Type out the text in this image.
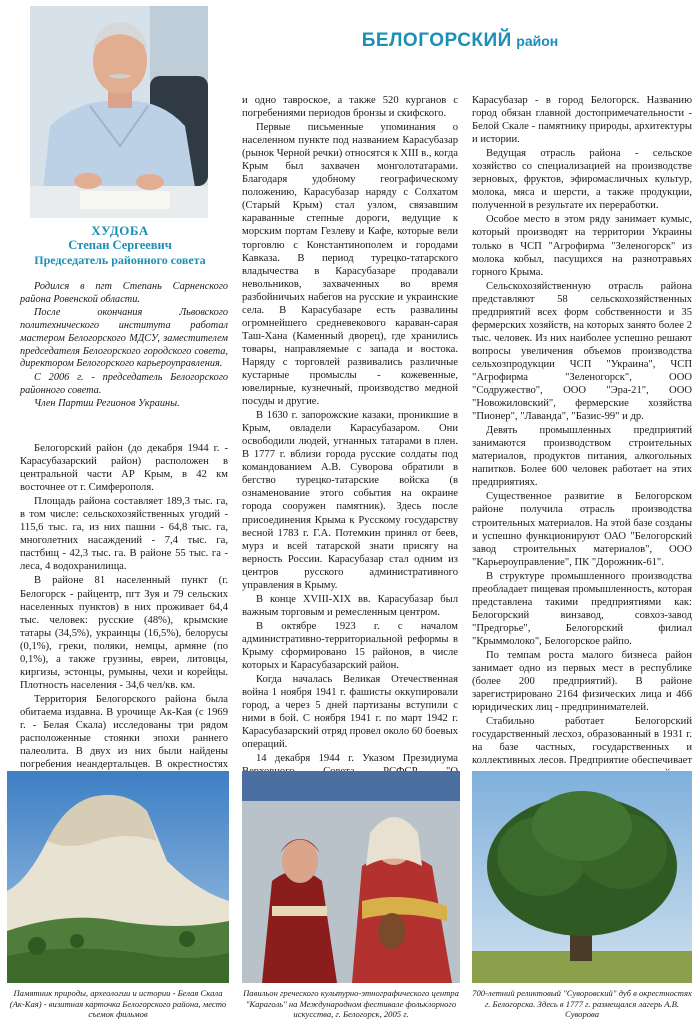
ХУДОБА
Степан Сергеевич
Председатель районного совета

Родился в пгт Степань Сарненского района Ровенской области.

После окончания Львовского политехнического института работал мастером Белогорского МДСУ, заместителем председателя Белогорского городского совета, директором Белогорского карьероуправления.

С 2006 г. - председатель Белогорского районного совета.

Член Партии Регионов Украины.

БЕЛОГОРСКИЙ район

Белогорский район (до декабря 1944 г. - Карасубазарский район) расположен в центральной части АР Крым, в 42 км восточнее от г. Симферополя.

Площадь района составляет 189,3 тыс. га, в том числе: сельскохозяйственных угодий - 115,6 тыс. га, из них пашни - 64,8 тыс. га, многолетних насаждений - 7,4 тыс. га, пастбищ - 42,3 тыс. га. В районе 55 тыс. га - леса, 4 водохранилища.

В районе 81 населенный пункт (г. Белогорск - райцентр, пгт Зуя и 79 сельских населенных пунктов) в них проживает 64,4 тыс. человек: русские (48%), крымские татары (34,5%), украинцы (16,5%), белорусы (0,1%), греки, поляки, немцы, армяне (по 0,1%), а также грузины, евреи, литовцы, киргизы, эстонцы, румыны, чехи и корейцы. Плотность населения - 34,6 чел/кв. км.

Территория Белогорского района была обитаема издавна. В урочище Ак-Кая (с 1969 г. - Белая Скала) исследованы три рядом расположенные стоянки эпохи раннего палеолита. В двух из них были найдены погребения неандертальцев. В окрестностях

и одно тавроское, а также 520 курганов с погребениями периодов бронзы и скифского.

Первые письменные упоминания о населенном пункте под названием Карасубазар (рынок Черной речки) относятся к XIII в., когда Крым был захвачен монголотатарами. Благодаря удобному географическому положению, Карасубазар наряду с Солхатом (Старый Крым) стал узлом, связавшим караванные степные дороги, ведущие к морским портам Гезлеву и Кафе, которые вели торговлю с Константинополем и городами Кавказа. В период турецко-татарского владычества в Карасубазаре продавали невольников, захваченных во время разбойничьих набегов на русские и украинские села. В Карасубазаре есть развалины огромнейшего средневекового караван-сарая Таш-Хана (Каменный дворец), где хранились товары, направляемые с запада и востока. Наряду с торговлей развивались различные кустарные промыслы - кожевенные, ювелирные, кузнечный, производство медной посуды и другие.

В 1630 г. запорожские казаки, проникшие в Крым, овладели Карасубазаром. Они освободили людей, угнанных татарами в плен. В 1777 г. вблизи города русские солдаты под командованием А.В. Суворова обратили в бегство турецко-татарские войска (в ознаменование этого события на окраине города сооружен памятник). Здесь после присоединения Крыма к Русскому государству весной 1783 г. Г.А. Потемкин принял от беев, мурз и всей татарской знати присягу на верность России. Карасубазар стал одним из центров русского административного управления в Крыму.

В конце XVIII-XIX вв. Карасубазар был важным торговым и ремесленным центром.

В октябре 1923 г. с началом административно-территориальной реформы в Крыму сформировано 15 районов, в числе которых и Карасубазарский район.

Когда началась Великая Отечественная война 1 ноября 1941 г. фашисты оккупировали город, а через 5 дней партизаны вступили с ними в бой. С ноября 1941 г. по март 1942 г. Карасубазарский отряд провел около 60 боевых операций.

14 декабря 1944 г. Указом Президиума

Карасубазар - в город Белогорск. Названию город обязан главной достопримечательности - Белой Скале - памятнику природы, архитектуры и истории.

Ведущая отрасль района - сельское хозяйство со специализацией на производстве зерновых, фруктов, эфиромасличных культур, молока, мяса и шерсти, а также продукции, полученной в результате их переработки.

Особое место в этом ряду занимает кумыс, который производят на территории Украины только в ЧСП "Агрофирма "Зеленогорск" из молока кобыл, пасущихся на разнотравьях горного Крыма.

Сельскохозяйственную отрасль района представляют 58 сельскохозяйственных предприятий всех форм собственности и 35 фермерских хозяйств, на которых занято более 2 тыс. человек. Из них наиболее успешно решают вопросы увеличения объемов производства сельхозпродукции ЧСП "Украина", ЧСП "Агрофирма "Зеленогорск", ООО "Содружество", ООО "Эра-21", ООО "Новожиловский", фермерские хозяйства "Пионер", "Лаванда", "Базис-99" и др.

Девять промышленных предприятий занимаются производством строительных материалов, продуктов питания, алкогольных напитков. Более 600 человек работает на этих предприятиях.

Существенное развитие в Белогорском районе получила отрасль производства строительных материалов. На этой базе созданы и успешно функционируют ОАО "Белогорский завод строительных материалов", ООО "Карьероуправление", ПК "Дорожник-61".

В структуре промышленного производства преобладает пищевая промышленность, которая представлена такими предприятиями как: Белогорский винзавод, совхоз-завод "Предгорье", Белогорский филиал "Крыммолоко", Белогорское райпо.

По темпам роста малого бизнеса район занимает одно из первых мест в республике (более 200 предприятий). В районе зарегистрировано 2164 физических лица и 466 юридических лиц - предпринимателей.

Стабильно работает Белогорский государственный лесхоз, образованный в 1931 г. на базе частных, государственных и коллективных лесов. Предприятие обеспечивает

Памятник природы, археологии и истории - Белая Скала (Ак-Кая) - визитная карточка Белогорского района, место съемок фильмов
Павильон греческого культурно-этнографического центра "Караголь" на Международном фестивале фольклорного искусства, г. Белогорск, 2005 г.
700-летний реликтовый "Суворовский" дуб в окрестностях г. Белогорска. Здесь в 1777 г. размещался лагерь А.В. Суворова
